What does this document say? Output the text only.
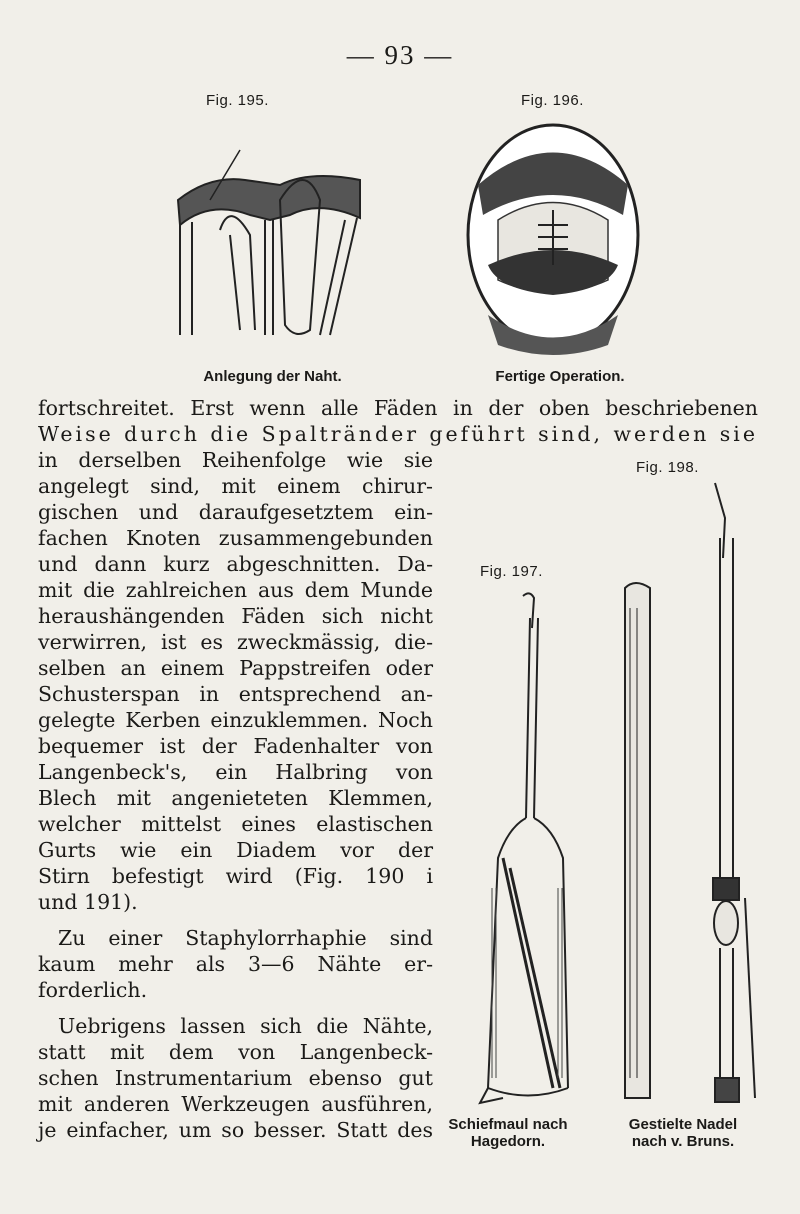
— 93 —
Fig. 195.
Anlegung der Naht.
Fig. 196.
Fertige Operation.
fortschreitet. Erst wenn alle Fäden in der oben beschriebenen
Weise durch die Spaltränder geführt sind, werden sie
in derselben Reihenfolge wie sie
angelegt sind, mit einem chirur-
gischen und daraufgesetztem ein-
fachen Knoten zusammengebunden
und dann kurz abgeschnitten. Da-
mit die zahlreichen aus dem Munde
heraushängenden Fäden sich nicht
verwirren, ist es zweckmässig, die-
selben an einem Pappstreifen oder
Schusterspan in entsprechend an-
gelegte Kerben einzuklemmen. Noch
bequemer ist der Fadenhalter von
Langenbeck's, ein Halbring von
Blech mit angenieteten Klemmen,
welcher mittelst eines elastischen
Gurts wie ein Diadem vor der
Stirn befestigt wird (Fig. 190 i
und 191).
Zu einer Staphylorrhaphie sind
kaum mehr als 3—6 Nähte er-
forderlich.
Uebrigens lassen sich die Nähte,
statt mit dem von Langenbeck-
schen Instrumentarium ebenso gut
mit anderen Werkzeugen ausführen,
je einfacher, um so besser. Statt des
Fig. 197.
Schiefmaul nach
Hagedorn.
Fig. 198.
Gestielte Nadel
nach v. Bruns.
